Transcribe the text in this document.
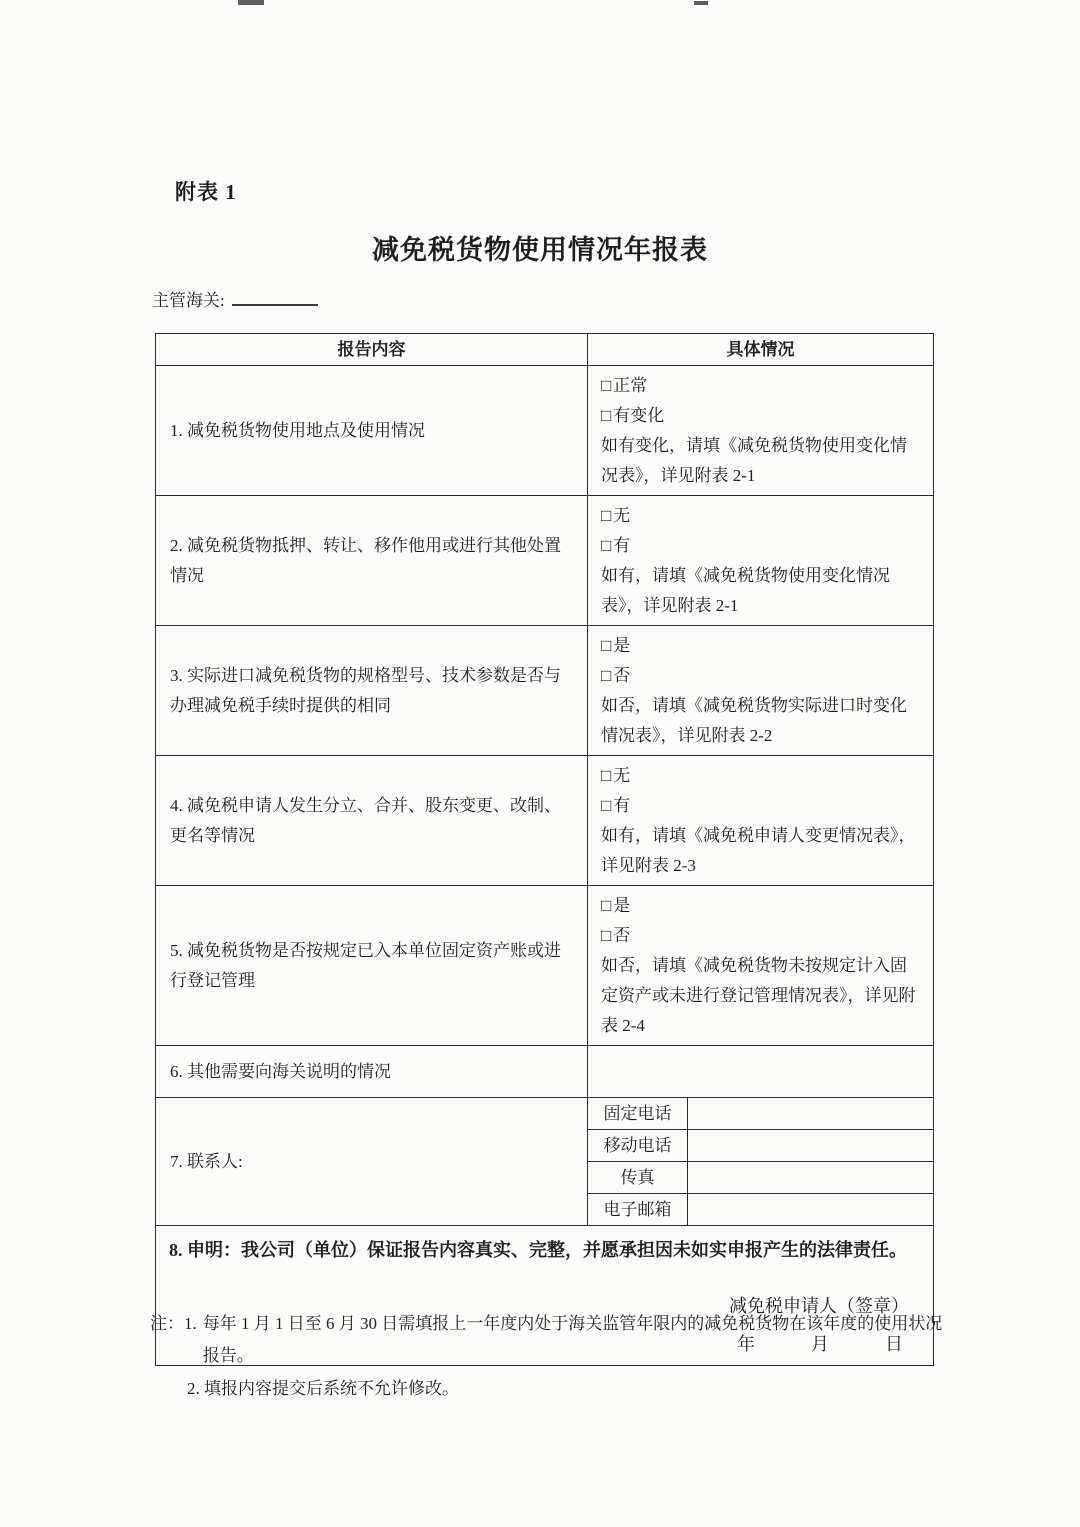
附表 1
减免税货物使用情况年报表
主管海关:
报告内容	具体情况	
1. 减免税货物使用地点及使用情况	□ 正常
□ 有变化
如有变化，请填《减免税货物使用变化情况表》，详见附表 2-1	

2. 减免税货物抵押、转让、移作他用或进行其他处置情况	□ 无
□ 有
如有，请填《减免税货物使用变化情况表》，详见附表 2-1	

3. 实际进口减免税货物的规格型号、技术参数是否与办理减免税手续时提供的相同	□ 是
□ 否
如否，请填《减免税货物实际进口时变化情况表》，详见附表 2-2	

4. 减免税申请人发生分立、合并、股东变更、改制、更名等情况	□ 无
□ 有
如有，请填《减免税申请人变更情况表》，详见附表 2-3	

5. 减免税货物是否按规定已入本单位固定资产账或进行登记管理	□ 是
□ 否
如否，请填《减免税货物未按规定计入固定资产或未进行登记管理情况表》，详见附表 2-4	

6. 其他需要向海关说明的情况		
7. 联系人:	固定电话	
	移动电话	
	传真	
	电子邮箱	

8. 申明：我公司（单位）保证报告内容真实、完整，并愿承担因未如实申报产生的法律责任。
减免税申请人（签章）
年 月 日		
注： 1. 每年 1 月 1 日至 6 月 30 日需填报上一年度内处于海关监管年限内的减免税货物在该年度的使用状况报告。
2. 填报内容提交后系统不允许修改。
